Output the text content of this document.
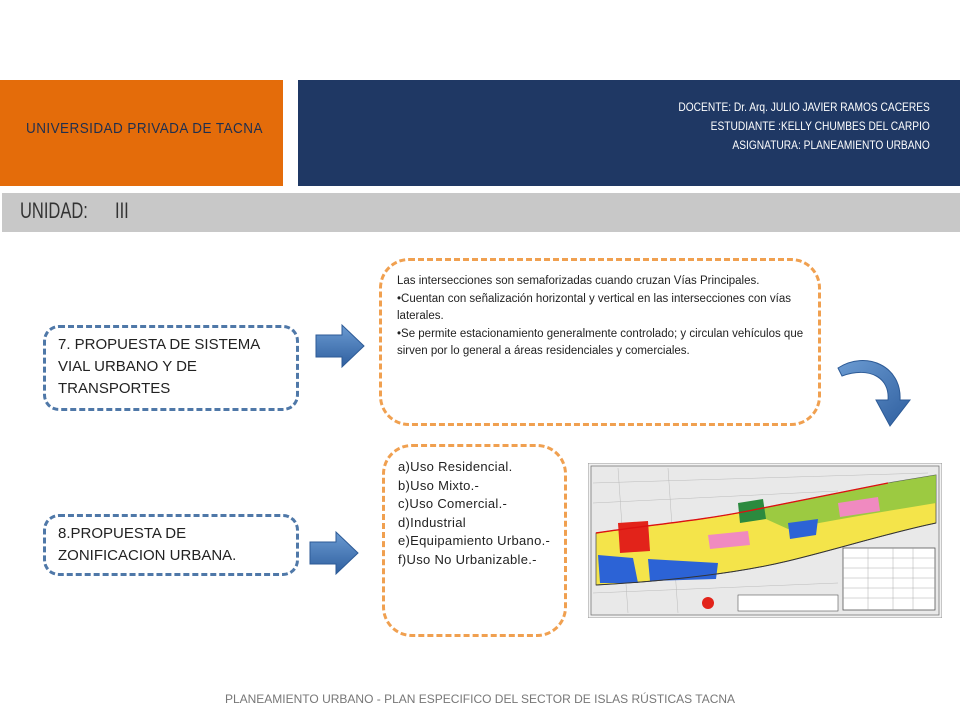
UNIVERSIDAD PRIVADA DE TACNA
DOCENTE: Dr. Arq. JULIO JAVIER RAMOS CACERES
ESTUDIANTE :KELLY CHUMBES DEL CARPIO
ASIGNATURA: PLANEAMIENTO URBANO
UNIDAD: III
7. PROPUESTA DE SISTEMA VIAL URBANO Y DE TRANSPORTES
Las intersecciones son semaforizadas cuando cruzan Vías Principales.
•Cuentan con señalización horizontal y vertical en las intersecciones con vías laterales.
•Se permite estacionamiento generalmente controlado; y circulan vehículos que sirven por lo general a áreas residenciales y comerciales.
8.PROPUESTA DE ZONIFICACION URBANA.
a)Uso Residencial.
b)Uso Mixto.-
c)Uso Comercial.-
d)Industrial
e)Equipamiento Urbano.-
f)Uso No Urbanizable.-
PLANEAMIENTO URBANO - PLAN ESPECIFICO DEL SECTOR DE ISLAS RÚSTICAS TACNA
